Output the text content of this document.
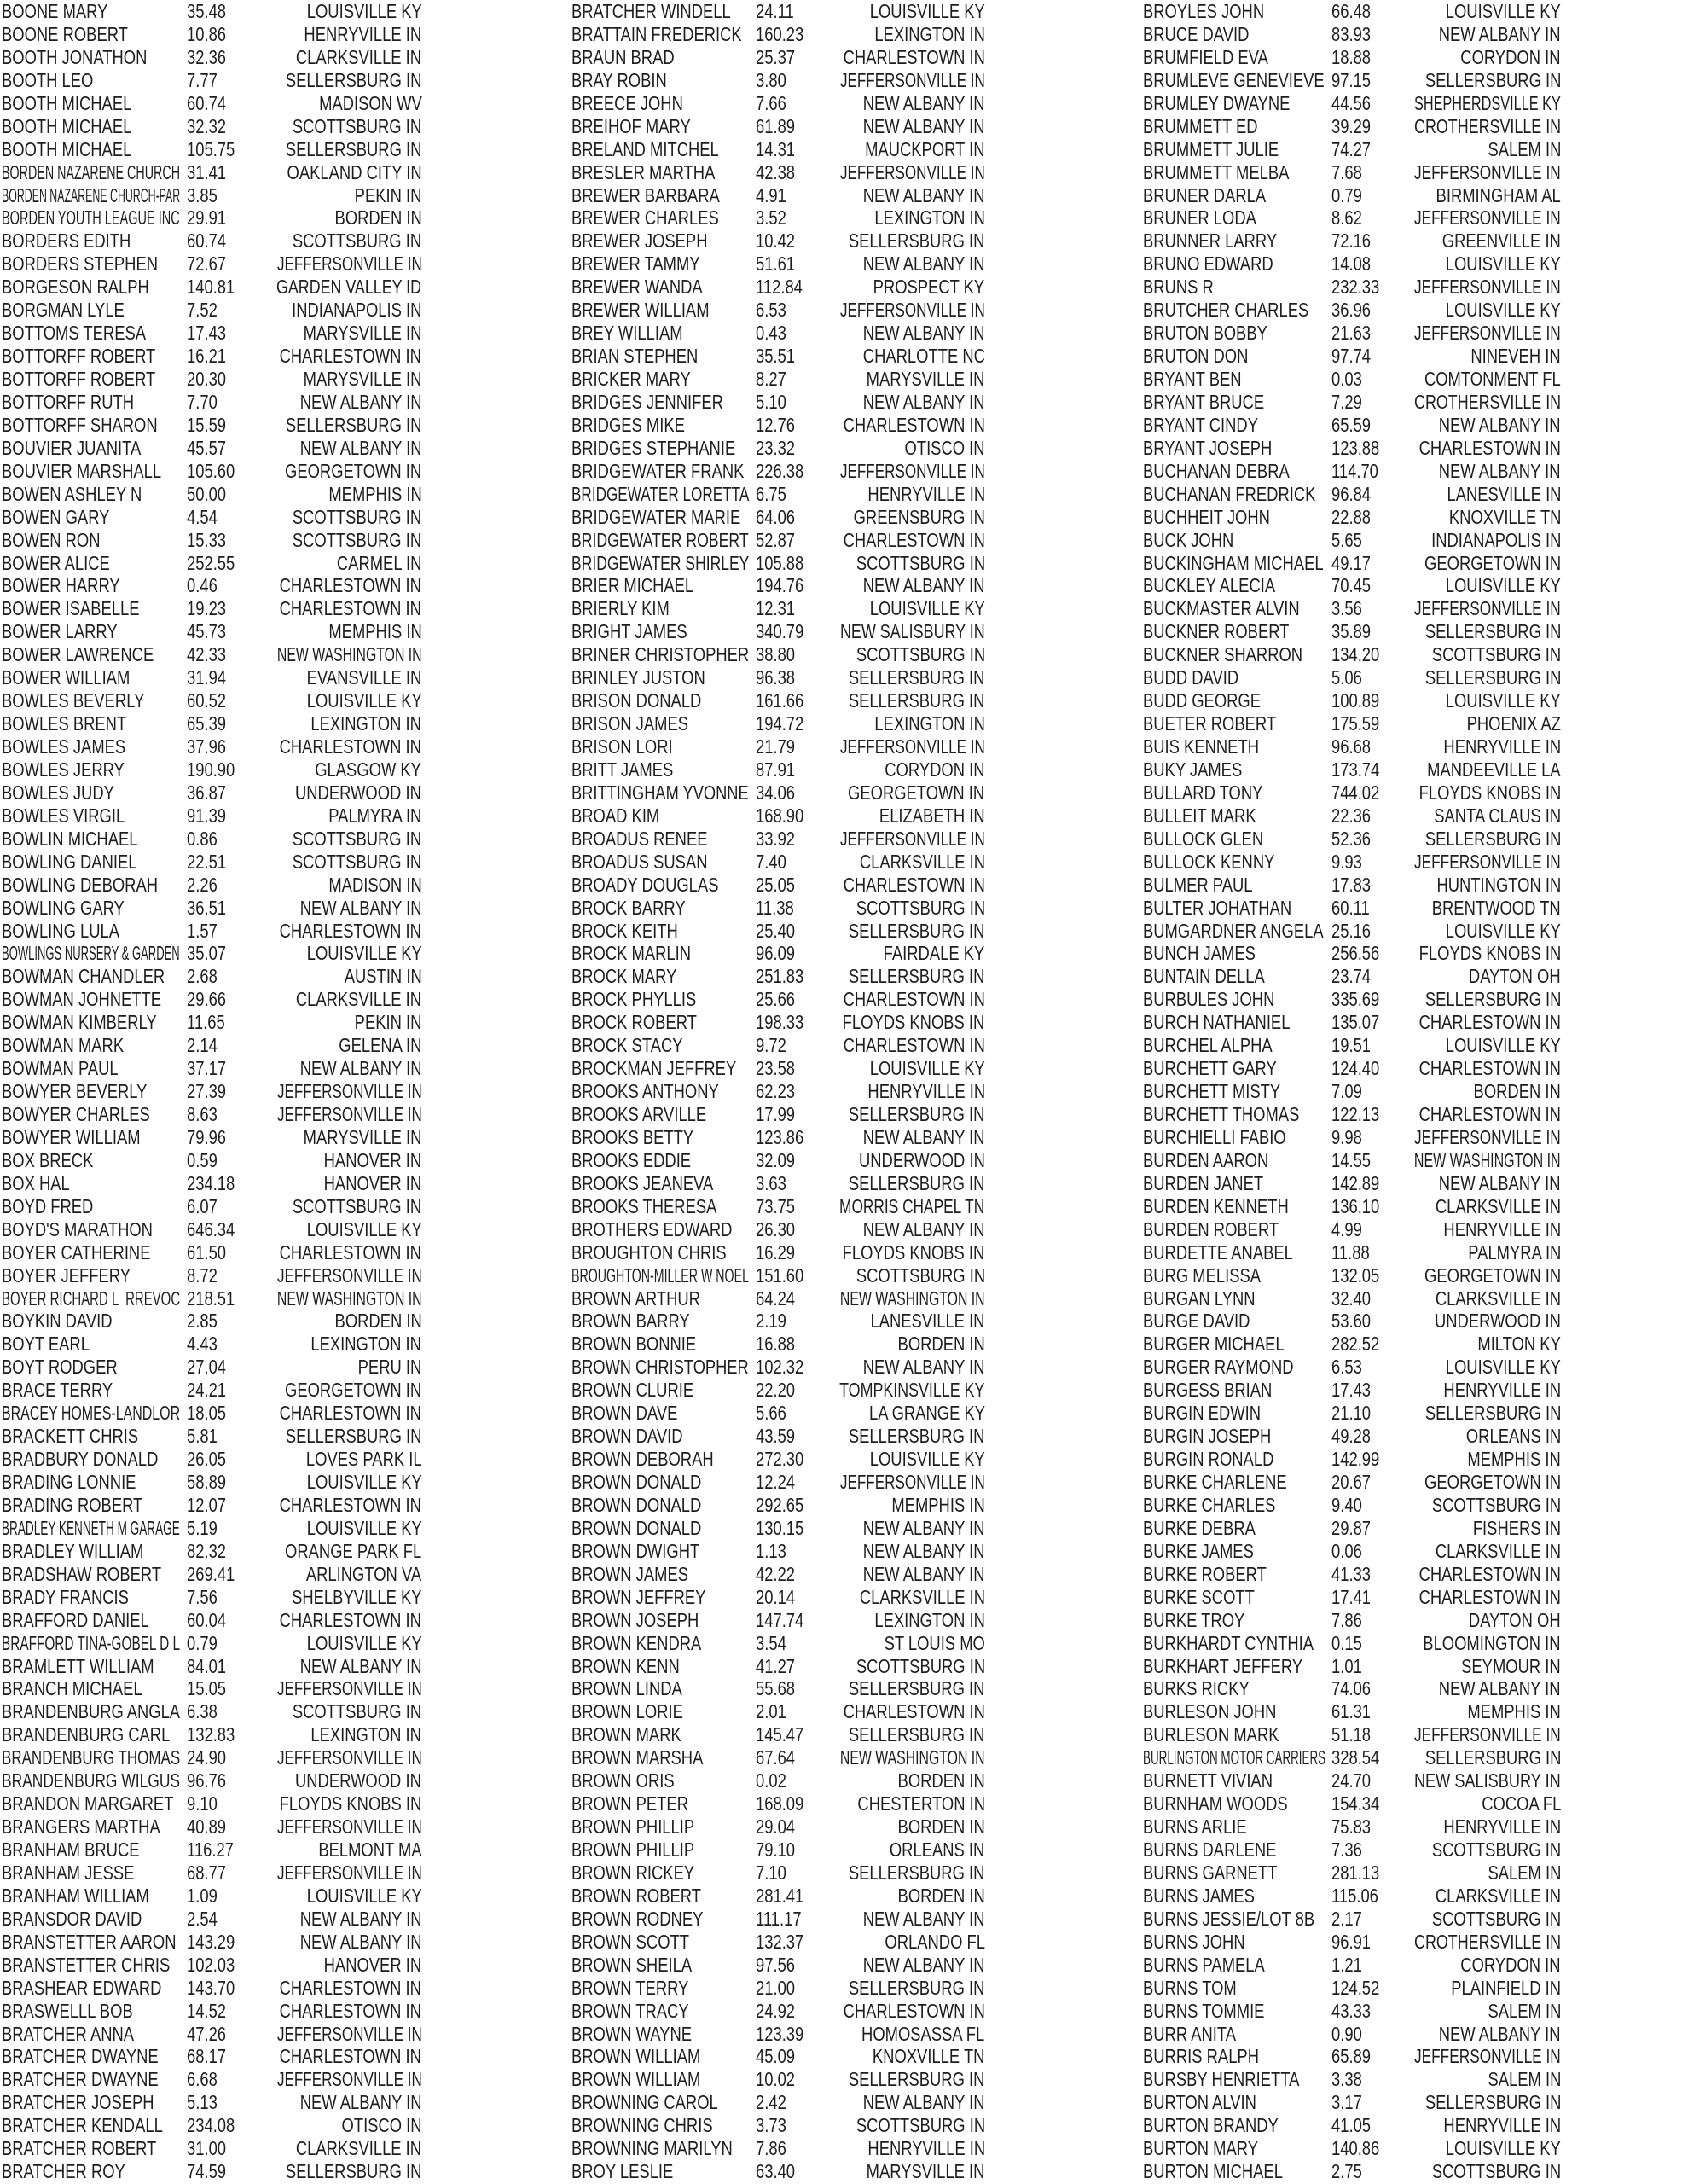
BOONE MARY	35.48	LOUISVILLE KY
BOONE ROBERT	10.86	HENRYVILLE IN
BOOTH JONATHON 32.36	CLARKSVILLE IN
BOOTH LEO	7.77	SELLERSBURG IN
BOOTH MICHAEL	60.74	MADISON WV
BOOTH MICHAEL	32.32	SCOTTSBURG IN
BOOTH MICHAEL	105.75	SELLERSBURG IN
BORDEN NAZARENE CHURCH 31.41	OAKLAND CITY IN
BORDEN NAZARENE CHURCH-PAR 3.85	PEKIN IN
BORDEN YOUTH LEAGUE INC 29.91	BORDEN IN
BORDERS EDITH	60.74	SCOTTSBURG IN
BORDERS STEPHEN 72.67	JEFFERSONVILLE IN
BORGESON RALPH 140.81 GARDEN VALLEY ID
BORGMAN LYLE	7.52	INDIANAPOLIS IN
BOTTOMS TERESA 17.43	MARYSVILLE IN
BOTTORFF ROBERT 16.21	CHARLESTOWN IN
BOTTORFF ROBERT 20.30	MARYSVILLE IN
BOTTORFF RUTH	7.70	NEW ALBANY IN
BOTTORFF SHARON 15.59	SELLERSBURG IN
BOUVIER JUANITA 45.57	NEW ALBANY IN
BOUVIER MARSHALL 105.60	GEORGETOWN IN
BOWEN ASHLEY N 50.00	MEMPHIS IN
BOWEN GARY	4.54	SCOTTSBURG IN
BOWEN RON	15.33	SCOTTSBURG IN
BOWER ALICE	252.55	CARMEL IN
BOWER HARRY	0.46	CHARLESTOWN IN
BOWER ISABELLE 19.23	CHARLESTOWN IN
BOWER LARRY	45.73	MEMPHIS IN
BOWER LAWRENCE 42.33	NEW WASHINGTON IN
BOWER WILLIAM	31.94	EVANSVILLE IN
BOWLES BEVERLY 60.52	LOUISVILLE KY
BOWLES BRENT	65.39	LEXINGTON IN
BOWLES JAMES	37.96	CHARLESTOWN IN
BOWLES JERRY	190.90	GLASGOW KY
BOWLES JUDY	36.87	UNDERWOOD IN
BOWLES VIRGIL	91.39	PALMYRA IN
BOWLIN MICHAEL	0.86	SCOTTSBURG IN
BOWLING DANIEL	22.51	SCOTTSBURG IN
BOWLING DEBORAH 2.26	MADISON IN
BOWLING GARY	36.51	NEW ALBANY IN
BOWLING LULA	1.57	CHARLESTOWN IN
BOWLINGS NURSERY & GARDEN 35.07	LOUISVILLE KY
BOWMAN CHANDLER 2.68	AUSTIN IN
BOWMAN JOHNETTE 29.66	CLARKSVILLE IN
BOWMAN KIMBERLY 11.65	PEKIN IN
BOWMAN MARK	2.14	GELENA IN
BOWMAN PAUL	37.17	NEW ALBANY IN
BOWYER BEVERLY 27.39	JEFFERSONVILLE IN
BOWYER CHARLES 8.63	JEFFERSONVILLE IN
BOWYER WILLIAM 79.96	MARYSVILLE IN
BOX BRECK	0.59	HANOVER IN
BOX HAL	234.18	HANOVER IN
BOYD FRED	6.07	SCOTTSBURG IN
BOYD'S MARATHON 646.34	LOUISVILLE KY
BOYER CATHERINE 61.50	CHARLESTOWN IN
BOYER JEFFERY	8.72	JEFFERSONVILLE IN
BOYER RICHARD L  RREVOC 218.51 NEW WASHINGTON IN
BOYKIN DAVID	2.85	BORDEN IN
BOYT EARL	4.43	LEXINGTON IN
BOYT RODGER	27.04	PERU IN
BRACE TERRY	24.21	GEORGETOWN IN
BRACEY HOMES-LANDLOR 18.05	CHARLESTOWN IN
BRACKETT CHRIS 5.81	SELLERSBURG IN
BRADBURY DONALD 26.05	LOVES PARK IL
BRADING LONNIE	58.89	LOUISVILLE KY
BRADING ROBERT 12.07	CHARLESTOWN IN
BRADLEY KENNETH M GARAGE 5.19	LOUISVILLE KY
BRADLEY WILLIAM 82.32	ORANGE PARK FL
BRADSHAW ROBERT 269.41	ARLINGTON VA
BRADY FRANCIS	7.56	SHELBYVILLE KY
BRAFFORD DANIEL 60.04	CHARLESTOWN IN
BRAFFORD TINA-GOBEL D L 0.79	LOUISVILLE KY
BRAMLETT WILLIAM 84.01	NEW ALBANY IN
BRANCH MICHAEL 15.05	JEFFERSONVILLE IN
BRANDENBURG ANGLA 6.38	SCOTTSBURG IN
BRANDENBURG CARL 132.83	LEXINGTON IN
BRANDENBURG THOMAS 24.90	JEFFERSONVILLE IN
BRANDENBURG WILGUS 96.76	UNDERWOOD IN
BRANDON MARGARET 9.10	FLOYDS KNOBS IN
BRANGERS MARTHA 40.89	JEFFERSONVILLE IN
BRANHAM BRUCE 116.27	BELMONT MA
BRANHAM JESSE	68.77	JEFFERSONVILLE IN
BRANHAM WILLIAM 1.09	LOUISVILLE KY
BRANSDOR DAVID 2.54	NEW ALBANY IN
BRANSTETTER AARON 143.29	NEW ALBANY IN
BRANSTETTER CHRIS 102.03	HANOVER IN
BRASHEAR EDWARD 143.70 CHARLESTOWN IN
BRASWELLL BOB	14.52	CHARLESTOWN IN
BRATCHER ANNA	47.26	JEFFERSONVILLE IN
BRATCHER DWAYNE 68.17	CHARLESTOWN IN
BRATCHER DWAYNE 6.68	JEFFERSONVILLE IN
BRATCHER JOSEPH 5.13	NEW ALBANY IN
BRATCHER KENDALL 234.08	OTISCO IN
BRATCHER ROBERT 31.00	CLARKSVILLE IN
BRATCHER ROY	74.59	SELLERSBURG IN
BRATCHER WINDELL 24.11	LOUISVILLE KY
BRATTAIN FREDERICK 160.23	LEXINGTON IN
BRAUN BRAD	25.37 CHARLESTOWN IN
BRAY ROBIN	3.80	JEFFERSONVILLE IN
BREECE JOHN	7.66	NEW ALBANY IN
BREIHOF MARY	61.89	NEW ALBANY IN
BRELAND MITCHEL 14.31	MAUCKPORT IN
BRESLER MARTHA 42.38 JEFFERSONVILLE IN
BREWER BARBARA 4.91	NEW ALBANY IN
BREWER CHARLES 3.52	LEXINGTON IN
BREWER JOSEPH 10.42	SELLERSBURG IN
BREWER TAMMY	51.61	NEW ALBANY IN
BREWER WANDA	112.84	PROSPECT KY
BREWER WILLIAM 6.53	JEFFERSONVILLE IN
BREY WILLIAM	0.43	NEW ALBANY IN
BRIAN STEPHEN	35.51	CHARLOTTE NC
BRICKER MARY	8.27	MARYSVILLE IN
BRIDGES JENNIFER 5.10	NEW ALBANY IN
BRIDGES MIKE	12.76 CHARLESTOWN IN
BRIDGES STEPHANIE 23.32	OTISCO IN
BRIDGEWATER FRANK 226.38 JEFFERSONVILLE IN
BRIDGEWATER LORETTA 6.75	HENRYVILLE IN
BRIDGEWATER MARIE 64.06	GREENSBURG IN
BRIDGEWATER ROBERT 52.87 CHARLESTOWN IN
BRIDGEWATER SHIRLEY 105.88	SCOTTSBURG IN
BRIER MICHAEL	194.76	NEW ALBANY IN
BRIERLY KIM	12.31	LOUISVILLE KY
BRIGHT JAMES	340.79 NEW SALISBURY IN
BRINER CHRISTOPHER 38.80	SCOTTSBURG IN
BRINLEY JUSTON	96.38	SELLERSBURG IN
BRISON DONALD	161.66 SELLERSBURG IN
BRISON JAMES	194.72	LEXINGTON IN
BRISON LORI	21.79 JEFFERSONVILLE IN
BRITT JAMES	87.91	CORYDON IN
BRITTINGHAM YVONNE 34.06	GEORGETOWN IN
BROAD KIM	168.90	ELIZABETH IN
BROADUS RENEE 33.92 JEFFERSONVILLE IN
BROADUS SUSAN 7.40	CLARKSVILLE IN
BROADY DOUGLAS 25.05 CHARLESTOWN IN
BROCK BARRY	11.38	SCOTTSBURG IN
BROCK KEITH	25.40	SELLERSBURG IN
BROCK MARLIN	96.09	FAIRDALE KY
BROCK MARY	251.83 SELLERSBURG IN
BROCK PHYLLIS	25.66 CHARLESTOWN IN
BROCK ROBERT	198.33 FLOYDS KNOBS IN
BROCK STACY	9.72	CHARLESTOWN IN
BROCKMAN JEFFREY 23.58	LOUISVILLE KY
BROOKS ANTHONY 62.23	HENRYVILLE IN
BROOKS ARVILLE	17.99	SELLERSBURG IN
BROOKS BETTY	123.86	NEW ALBANY IN
BROOKS EDDIE	32.09	UNDERWOOD IN
BROOKS JEANEVA 3.63	SELLERSBURG IN
BROOKS THERESA 73.75 MORRIS CHAPEL TN
BROTHERS EDWARD 26.30	NEW ALBANY IN
BROUGHTON CHRIS 16.29 FLOYDS KNOBS IN
BROUGHTON-MILLER W NOEL 151.60	SCOTTSBURG IN
BROWN ARTHUR	64.24 NEW WASHINGTON IN
BROWN BARRY	2.19	LANESVILLE IN
BROWN BONNIE	16.88	BORDEN IN
BROWN CHRISTOPHER 102.32	NEW ALBANY IN
BROWN CLURIE	22.20 TOMPKINSVILLE KY
BROWN DAVE	5.66	LA GRANGE KY
BROWN DAVID	43.59	SELLERSBURG IN
BROWN DEBORAH 272.30	LOUISVILLE KY
BROWN DONALD	12.24 JEFFERSONVILLE IN
BROWN DONALD	292.65	MEMPHIS IN
BROWN DONALD	130.15	NEW ALBANY IN
BROWN DWIGHT	1.13	NEW ALBANY IN
BROWN JAMES	42.22	NEW ALBANY IN
BROWN JEFFREY	20.14	CLARKSVILLE IN
BROWN JOSEPH	147.74	LEXINGTON IN
BROWN KENDRA	3.54	ST LOUIS MO
BROWN KENN	41.27	SCOTTSBURG IN
BROWN LINDA	55.68	SELLERSBURG IN
BROWN LORIE	2.01	CHARLESTOWN IN
BROWN MARK	145.47 SELLERSBURG IN
BROWN MARSHA	67.64 NEW WASHINGTON IN
BROWN ORIS	0.02	BORDEN IN
BROWN PETER	168.09	CHESTERTON IN
BROWN PHILLIP	29.04	BORDEN IN
BROWN PHILLIP	79.10	ORLEANS IN
BROWN RICKEY	7.10	SELLERSBURG IN
BROWN ROBERT	281.41	BORDEN IN
BROWN RODNEY	111.17	NEW ALBANY IN
BROWN SCOTT	132.37	ORLANDO FL
BROWN SHEILA	97.56	NEW ALBANY IN
BROWN TERRY	21.00	SELLERSBURG IN
BROWN TRACY	24.92 CHARLESTOWN IN
BROWN WAYNE	123.39	HOMOSASSA FL
BROWN WILLIAM	45.09	KNOXVILLE TN
BROWN WILLIAM	10.02	SELLERSBURG IN
BROWNING CAROL 2.42	NEW ALBANY IN
BROWNING CHRIS 3.73	SCOTTSBURG IN
BROWNING MARILYN 7.86	HENRYVILLE IN
BROY LESLIE	63.40	MARYSVILLE IN
BROYLES JOHN	66.48	LOUISVILLE KY
BRUCE DAVID	83.93	NEW ALBANY IN
BRUMFIELD EVA	18.88	CORYDON IN
BRUMLEVE GENEVIEVE 97.15	SELLERSBURG IN
BRUMLEY DWAYNE 44.56 SHEPHERDSVILLE KY
BRUMMETT ED	39.29 CROTHERSVILLE IN
BRUMMETT JULIE	74.27	SALEM IN
BRUMMETT MELBA 7.68	JEFFERSONVILLE IN
BRUNER DARLA	0.79	BIRMINGHAM AL
BRUNER LODA	8.62	JEFFERSONVILLE IN
BRUNNER LARRY	72.16	GREENVILLE IN
BRUNO EDWARD	14.08	LOUISVILLE KY
BRUNS R	232.33 JEFFERSONVILLE IN
BRUTCHER CHARLES 36.96	LOUISVILLE KY
BRUTON BOBBY	21.63 JEFFERSONVILLE IN
BRUTON DON	97.74	NINEVEH IN
BRYANT BEN	0.03	COMTONMENT FL
BRYANT BRUCE	7.29	CROTHERSVILLE IN
BRYANT CINDY	65.59	NEW ALBANY IN
BRYANT JOSEPH	123.88 CHARLESTOWN IN
BUCHANAN DEBRA 114.70	NEW ALBANY IN
BUCHANAN FREDRICK 96.84	LANESVILLE IN
BUCHHEIT JOHN	22.88	KNOXVILLE TN
BUCK JOHN	5.65	INDIANAPOLIS IN
BUCKINGHAM MICHAEL 49.17	GEORGETOWN IN
BUCKLEY ALECIA	70.45	LOUISVILLE KY
BUCKMASTER ALVIN 3.56	JEFFERSONVILLE IN
BUCKNER ROBERT 35.89	SELLERSBURG IN
BUCKNER SHARRON 134.20	SCOTTSBURG IN
BUDD DAVID	5.06	SELLERSBURG IN
BUDD GEORGE	100.89	LOUISVILLE KY
BUETER ROBERT	175.59	PHOENIX AZ
BUIS KENNETH	96.68	HENRYVILLE IN
BUKY JAMES	173.74 MANDEEVILLE LA
BULLARD TONY	744.02 FLOYDS KNOBS IN
BULLEIT MARK	22.36	SANTA CLAUS IN
BULLOCK GLEN	52.36	SELLERSBURG IN
BULLOCK KENNY	9.93	JEFFERSONVILLE IN
BULMER PAUL	17.83	HUNTINGTON IN
BULTER JOHATHAN 60.11	BRENTWOOD TN
BUMGARDNER ANGELA 25.16	LOUISVILLE KY
BUNCH JAMES	256.56 FLOYDS KNOBS IN
BUNTAIN DELLA	23.74	DAYTON OH
BURBULES JOHN	335.69 SELLERSBURG IN
BURCH NATHANIEL 135.07 CHARLESTOWN IN
BURCHEL ALPHA	19.51	LOUISVILLE KY
BURCHETT GARY	124.40 CHARLESTOWN IN
BURCHETT MISTY	7.09	BORDEN IN
BURCHETT THOMAS 122.13 CHARLESTOWN IN
BURCHIELLI FABIO 9.98	JEFFERSONVILLE IN
BURDEN AARON	14.55 NEW WASHINGTON IN
BURDEN JANET	142.89	NEW ALBANY IN
BURDEN KENNETH 136.10	CLARKSVILLE IN
BURDEN ROBERT	4.99	HENRYVILLE IN
BURDETTE ANABEL 11.88	PALMYRA IN
BURG MELISSA	132.05 GEORGETOWN IN
BURGAN LYNN	32.40	CLARKSVILLE IN
BURGE DAVID	53.60	UNDERWOOD IN
BURGER MICHAEL 282.52	MILTON KY
BURGER RAYMOND 6.53	LOUISVILLE KY
BURGESS BRIAN	17.43	HENRYVILLE IN
BURGIN EDWIN	21.10	SELLERSBURG IN
BURGIN JOSEPH	49.28	ORLEANS IN
BURGIN RONALD	142.99	MEMPHIS IN
BURKE CHARLENE 20.67	GEORGETOWN IN
BURKE CHARLES	9.40	SCOTTSBURG IN
BURKE DEBRA	29.87	FISHERS IN
BURKE JAMES	0.06	CLARKSVILLE IN
BURKE ROBERT	41.33 CHARLESTOWN IN
BURKE SCOTT	17.41 CHARLESTOWN IN
BURKE TROY	7.86	DAYTON OH
BURKHARDT CYNTHIA 0.15	BLOOMINGTON IN
BURKHART JEFFERY 1.01	SEYMOUR IN
BURKS RICKY	74.06	NEW ALBANY IN
BURLESON JOHN	61.31	MEMPHIS IN
BURLESON MARK	51.18 JEFFERSONVILLE IN
BURLINGTON MOTOR CARRIERS 328.54 SELLERSBURG IN
BURNETT VIVIAN	24.70 NEW SALISBURY IN
BURNHAM WOODS 154.34	COCOA FL
BURNS ARLIE	75.83	HENRYVILLE IN
BURNS DARLENE	7.36	SCOTTSBURG IN
BURNS GARNETT	281.13	SALEM IN
BURNS JAMES	115.06	CLARKSVILLE IN
BURNS JESSIE/LOT 8B 2.17	SCOTTSBURG IN
BURNS JOHN	96.91 CROTHERSVILLE IN
BURNS PAMELA	1.21	CORYDON IN
BURNS TOM	124.52	PLAINFIELD IN
BURNS TOMMIE	43.33	SALEM IN
BURR ANITA	0.90	NEW ALBANY IN
BURRIS RALPH	65.89 JEFFERSONVILLE IN
BURSBY HENRIETTA 3.38	SALEM IN
BURTON ALVIN	3.17	SELLERSBURG IN
BURTON BRANDY	41.05	HENRYVILLE IN
BURTON MARY	140.86	LOUISVILLE KY
BURTON MICHAEL 2.75	SCOTTSBURG IN
